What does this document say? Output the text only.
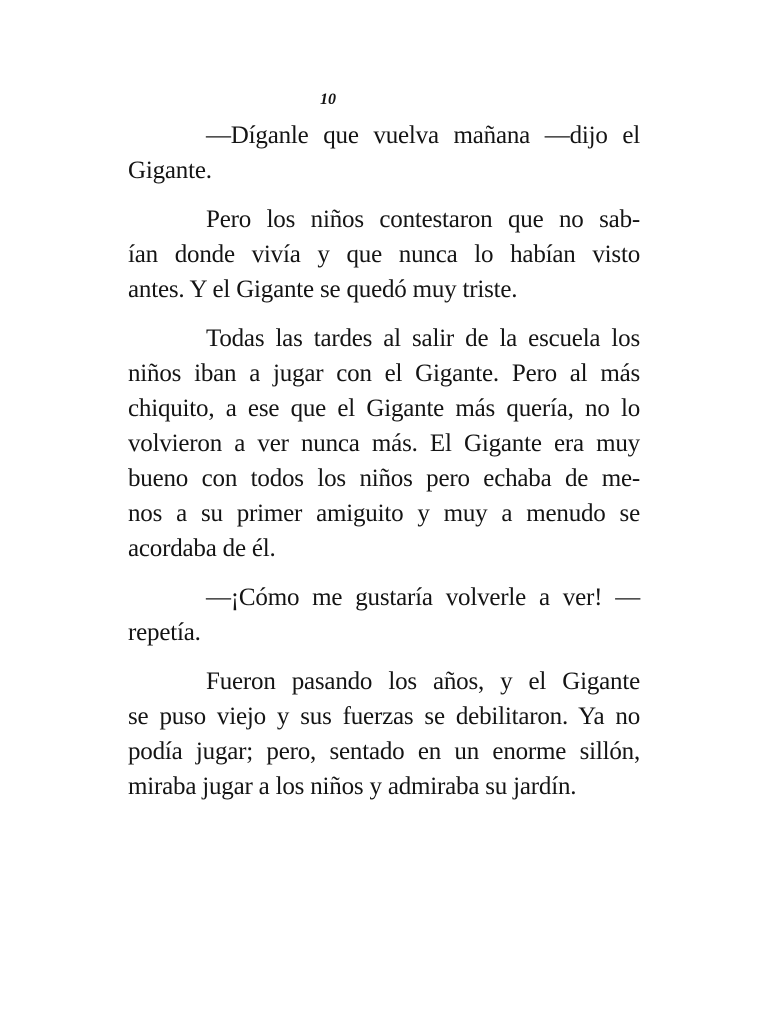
10

—Díganle que vuelva mañana —dijo el
Gigante.

Pero los niños contestaron que no sab-
ían donde vivía y que nunca lo habían visto
antes. Y el Gigante se quedó muy triste.

Todas las tardes al salir de la escuela los
niños iban a jugar con el Gigante. Pero al más
chiquito, a ese que el Gigante más quería, no lo
volvieron a ver nunca más. El Gigante era muy
bueno con todos los niños pero echaba de me-
nos a su primer amiguito y muy a menudo se
acordaba de él.

—¡Cómo me gustaría volverle a ver! —
repetía.

Fueron pasando los años, y el Gigante
se puso viejo y sus fuerzas se debilitaron. Ya no
podía jugar; pero, sentado en un enorme sillón,
miraba jugar a los niños y admiraba su jardín.
